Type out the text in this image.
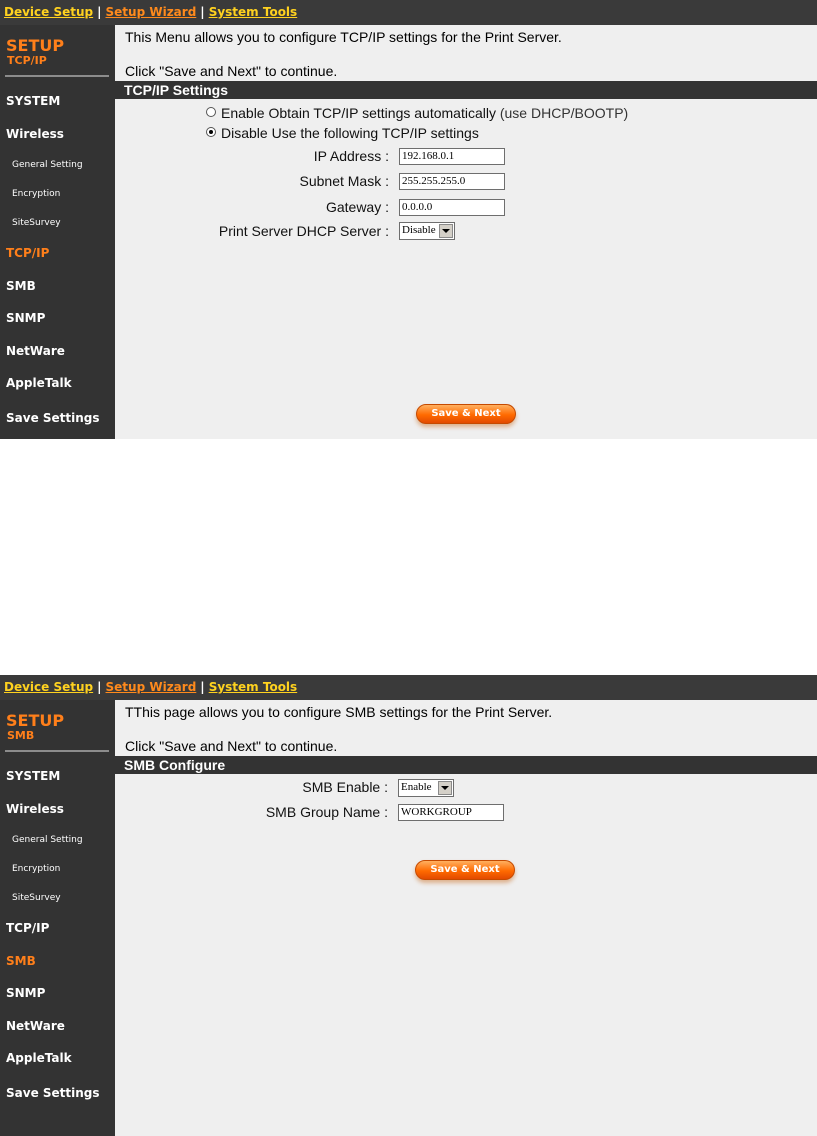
Device Setup | Setup Wizard | System Tools
SETUP
TCP/IP
SYSTEM
Wireless
General Setting
Encryption
SiteSurvey
TCP/IP
SMB
SNMP
NetWare
AppleTalk
Save Settings
This Menu allows you to configure TCP/IP settings for the Print Server.
Click "Save and Next" to continue.
TCP/IP Settings
Enable Obtain TCP/IP settings automatically (use DHCP/BOOTP)
Disable Use the following TCP/IP settings
IP Address : 192.168.0.1
Subnet Mask : 255.255.255.0
Gateway : 0.0.0.0
Print Server DHCP Server : Disable
Save & Next
Device Setup | Setup Wizard | System Tools
SETUP
SMB
SYSTEM
Wireless
General Setting
Encryption
SiteSurvey
TCP/IP
SMB
SNMP
NetWare
AppleTalk
Save Settings
TThis page allows you to configure SMB settings for the Print Server.
Click "Save and Next" to continue.
SMB Configure
SMB Enable : Enable
SMB Group Name : WORKGROUP
Save & Next
